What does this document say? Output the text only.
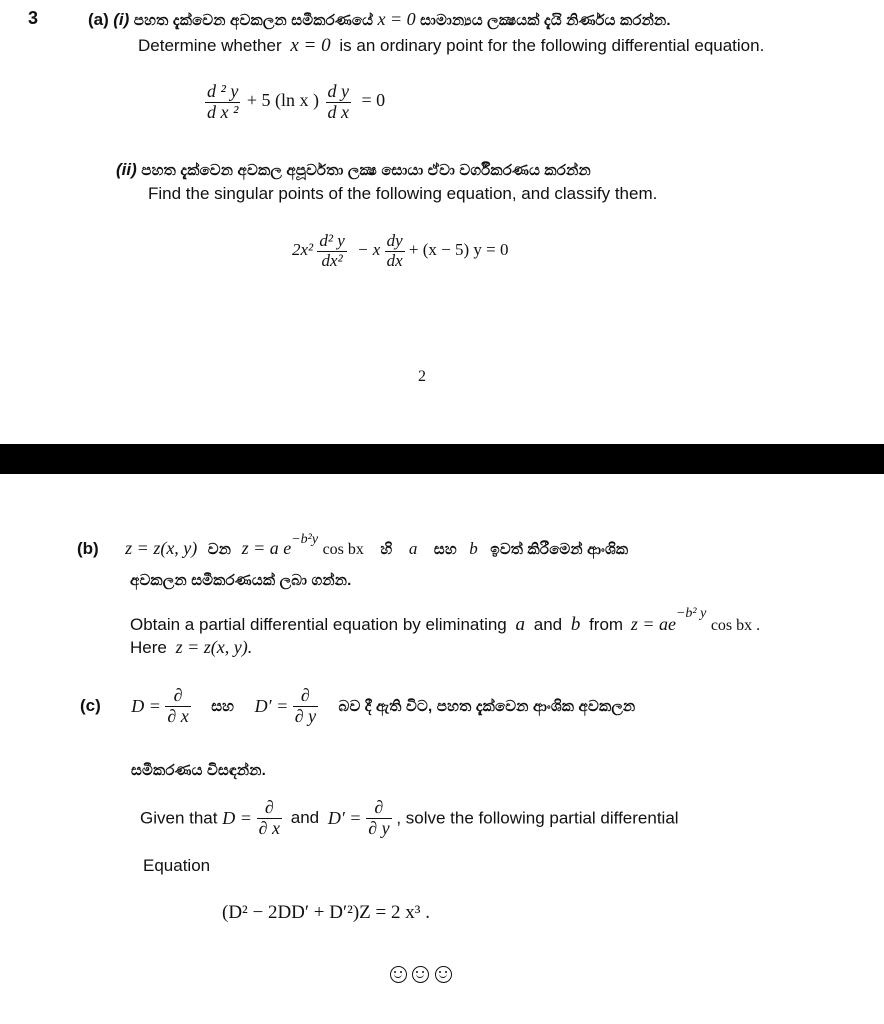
3	(a) (i) පහත දැක්වෙන අවකලන සමීකරණයේ x = 0 සාමාන්‍යය ලක්‍ෂයක් දැයි නිර්ණය කරන්න.
Determine whether x = 0 is an ordinary point for the following differential equation.
$\frac{\text{d ² y}}{\text{d x ²}} + 5$ (ln x ) $\frac{\text{d y}}{\text{d x}} = 0$
(ii) පහත දැක්වෙන අවකල අපූර්වතා ලක්‍ෂ සොයා ඒවා වර්ගීකරණය කරන්න
Find the singular points of the following equation, and classify them.
$2x^2 \frac{\text{d² y}}{\text{dx²}} - x \frac{dy}{dx} + (x - 5) y = 0$
2
(b) z = z(x, y) වන z = a $e^{-b^2y}$ cos bx හි a සහ b ඉවත් කිරීමෙන් ආංශික
අවකලන සමීකරණයක් ලබා ගන්න.
Obtain a partial differential equation by eliminating a and b from $z = ae^{-b^2 y}$ cos bx .
Here z = z(x, y).
(c) $D = \frac{\partial}{\partial x}$ සහ $D' = \frac{\partial}{\partial y}$ බව දී ඇති විට, පහත දැක්වෙන ආංශික අවකලන
සමීකරණය විසඳන්න.
Given that $D = \frac{\partial}{\partial x}$ and $D' = \frac{\partial}{\partial y}$ , solve the following partial differential
Equation
(D² − 2DD′ + D′²)Z = 2 x³ .
